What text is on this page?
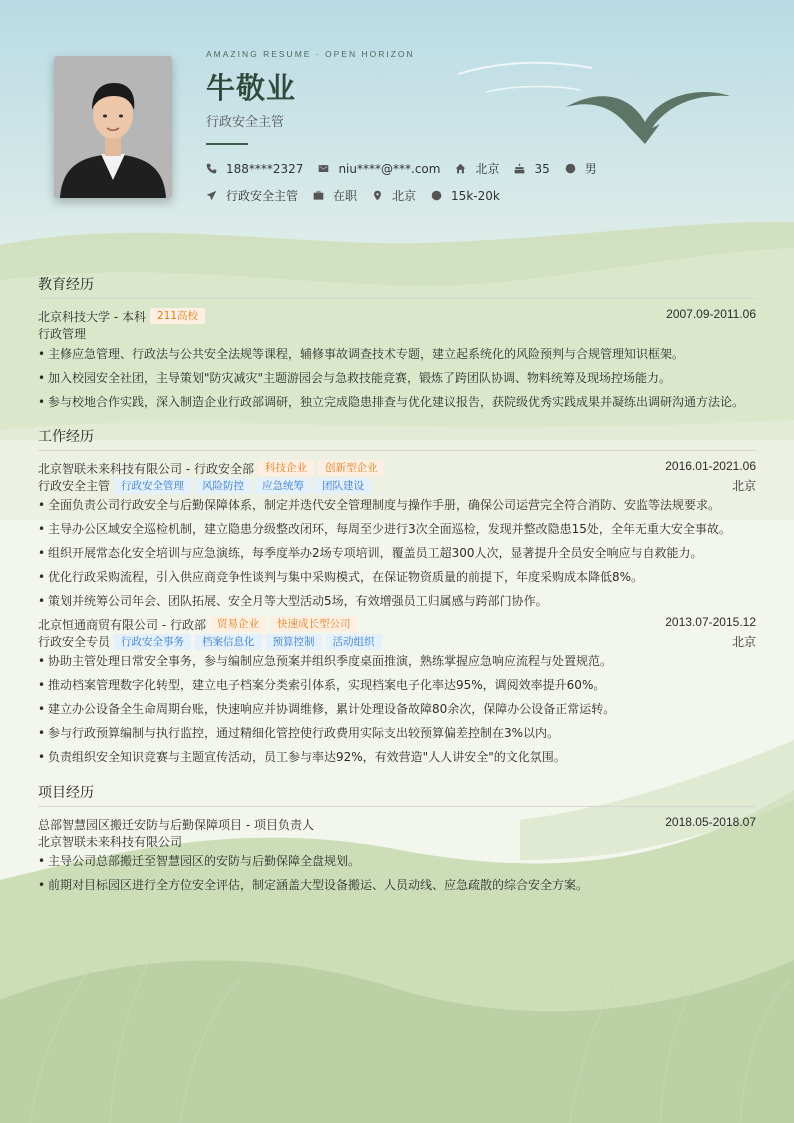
AMAZING RESUME · OPEN HORIZON
牛敬业
行政安全主管
188****2327	niu****@***.com	北京	35	男
行政安全主管	在职	北京	15k-20k
教育经历
北京科技大学 - 本科	211高校	2007.09-2011.06
行政管理
• 主修应急管理、行政法与公共安全法规等课程，辅修事故调查技术专题，建立起系统化的风险预判与合规管理知识框架。
• 加入校园安全社团，主导策划"防灾减灾"主题游园会与急救技能竞赛，锻炼了跨团队协调、物料统筹及现场控场能力。
• 参与校地合作实践，深入制造企业行政部调研，独立完成隐患排查与优化建议报告，获院级优秀实践成果并凝练出调研沟通方法论。
工作经历
北京智联未来科技有限公司 - 行政安全部	科技企业	创新型企业	2016.01-2021.06
行政安全主管	行政安全管理	风险防控	应急统筹	团队建设	北京
• 全面负责公司行政安全与后勤保障体系，制定并迭代安全管理制度与操作手册，确保公司运营完全符合消防、安监等法规要求。
• 主导办公区域安全巡检机制，建立隐患分级整改闭环，每周至少进行3次全面巡检，发现并整改隐患15处，全年无重大安全事故。
• 组织开展常态化安全培训与应急演练，每季度举办2场专项培训，覆盖员工超300人次，显著提升全员安全响应与自救能力。
• 优化行政采购流程，引入供应商竞争性谈判与集中采购模式，在保证物资质量的前提下，年度采购成本降低8%。
• 策划并统筹公司年会、团队拓展、安全月等大型活动5场，有效增强员工归属感与跨部门协作。
北京恒通商贸有限公司 - 行政部	贸易企业	快速成长型公司	2013.07-2015.12
行政安全专员	行政安全事务	档案信息化	预算控制	活动组织	北京
• 协助主管处理日常安全事务，参与编制应急预案并组织季度桌面推演，熟练掌握应急响应流程与处置规范。
• 推动档案管理数字化转型，建立电子档案分类索引体系，实现档案电子化率达95%，调阅效率提升60%。
• 建立办公设备全生命周期台账，快速响应并协调维修，累计处理设备故障80余次，保障办公设备正常运转。
• 参与行政预算编制与执行监控，通过精细化管控使行政费用实际支出较预算偏差控制在3%以内。
• 负责组织安全知识竞赛与主题宣传活动，员工参与率达92%，有效营造"人人讲安全"的文化氛围。
项目经历
总部智慧园区搬迁安防与后勤保障项目 - 项目负责人	2018.05-2018.07
北京智联未来科技有限公司
• 主导公司总部搬迁至智慧园区的安防与后勤保障全盘规划。
• 前期对目标园区进行全方位安全评估，制定涵盖大型设备搬运、人员动线、应急疏散的综合安全方案。
